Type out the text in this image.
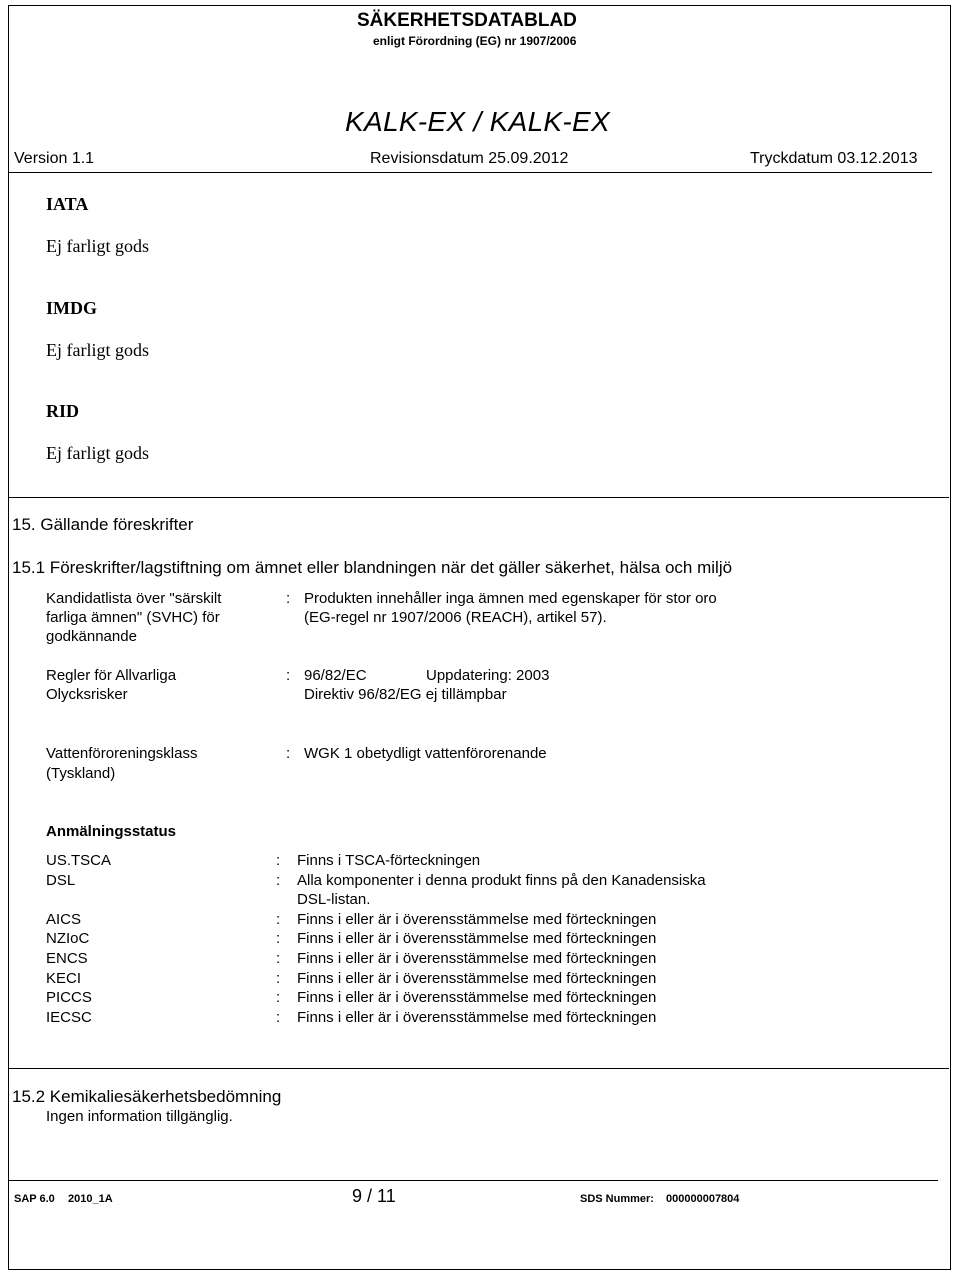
SÄKERHETSDATABLAD
enligt Förordning (EG) nr 1907/2006
KALK-EX / KALK-EX
Version 1.1	Revisionsdatum 25.09.2012	Tryckdatum 03.12.2013
IATA
Ej farligt gods
IMDG
Ej farligt gods
RID
Ej farligt gods
15. Gällande föreskrifter
15.1 Föreskrifter/lagstiftning om ämnet eller blandningen när det gäller säkerhet, hälsa och miljö
Kandidatlista över "särskilt
farliga ämnen" (SVHC) för
godkännande
: Produkten innehåller inga ämnen med egenskaper för stor oro
(EG-regel nr 1907/2006 (REACH), artikel 57).
Regler för Allvarliga
Olycksrisker
: 96/82/EC	Uppdatering: 2003
Direktiv 96/82/EG ej tillämpbar
Vattenföroreningsklass
(Tyskland)
: WGK 1 obetydligt vattenförorenande
Anmälningsstatus
US.TSCA	: Finns i TSCA-förteckningen
DSL	: Alla komponenter i denna produkt finns på den Kanadensiska
DSL-listan.
AICS	: Finns i eller är i överensstämmelse med förteckningen
NZIoC	: Finns i eller är i överensstämmelse med förteckningen
ENCS	: Finns i eller är i överensstämmelse med förteckningen
KECI	: Finns i eller är i överensstämmelse med förteckningen
PICCS	: Finns i eller är i överensstämmelse med förteckningen
IECSC	: Finns i eller är i överensstämmelse med förteckningen
15.2 Kemikaliesäkerhetsbedömning
Ingen information tillgänglig.
SAP 6.0 2010_1A	9 / 11	SDS Nummer: 000000007804
